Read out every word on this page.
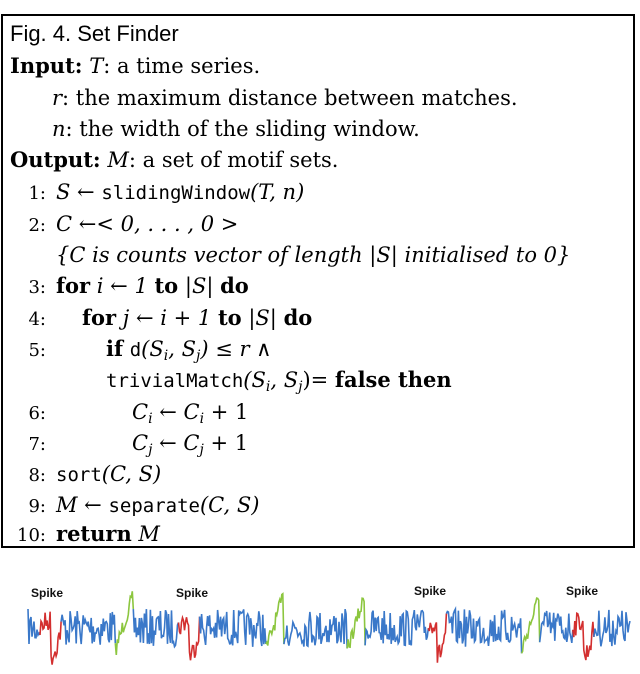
Fig. 4. Set Finder
Input: T: a time series.
r: the maximum distance between matches.
n: the width of the sliding window.
Output: M: a set of motif sets.
1: S ← slidingWindow(T, n)
2: C ←< 0, . . . , 0 >
{C is counts vector of length |S| initialised to 0}
3: for i ← 1 to |S| do
4: for j ← i + 1 to |S| do
5:	if $d(S_i$, $S_j) \le r$ ∧
$trivialMatch(S_i$, $S_j)=$ false then
6:	$C_i$ ← $C_i + 1$
7:	$C_j$ ← $C_j + 1$
8: sort(C, S)
9: M ← separate(C, S)
10: return M
Spike	Spike	Spike	Spike
